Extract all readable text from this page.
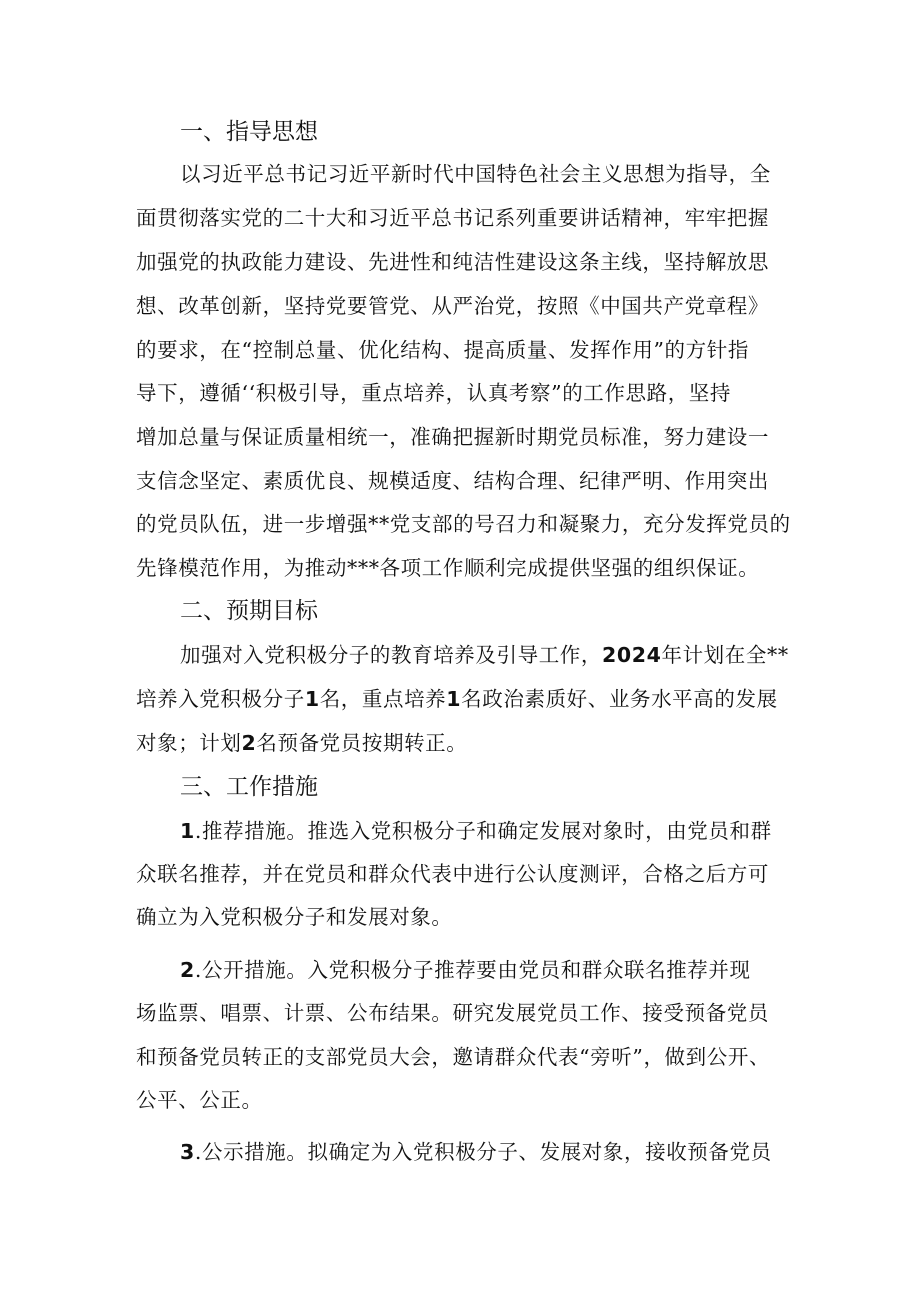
一、指导思想
以习近平总书记习近平新时代中国特色社会主义思想为指导，全
面贯彻落实党的二十大和习近平总书记系列重要讲话精神，牢牢把握
加强党的执政能力建设、先进性和纯洁性建设这条主线，坚持解放思
想、改革创新，坚持党要管党、从严治党，按照《中国共产党章程》
的要求，在“控制总量、优化结构、提高质量、发挥作用”的方针指
导下，遵循‘‘积极引导，重点培养，认真考察”的工作思路，坚持
增加总量与保证质量相统一，准确把握新时期党员标准，努力建设一
支信念坚定、素质优良、规模适度、结构合理、纪律严明、作用突出
的党员队伍，进一步增强**党支部的号召力和凝聚力，充分发挥党员的
先锋模范作用，为推动***各项工作顺利完成提供坚强的组织保证。
二、预期目标
加强对入党积极分子的教育培养及引导工作，2024年计划在全**
培养入党积极分子1名，重点培养1名政治素质好、业务水平高的发展
对象；计划2名预备党员按期转正。
三、工作措施
1.推荐措施。推选入党积极分子和确定发展对象时，由党员和群
众联名推荐，并在党员和群众代表中进行公认度测评，合格之后方可
确立为入党积极分子和发展对象。
2.公开措施。入党积极分子推荐要由党员和群众联名推荐并现
场监票、唱票、计票、公布结果。研究发展党员工作、接受预备党员
和预备党员转正的支部党员大会，邀请群众代表“旁听”，做到公开、
公平、公正。
3.公示措施。拟确定为入党积极分子、发展对象，接收预备党员
